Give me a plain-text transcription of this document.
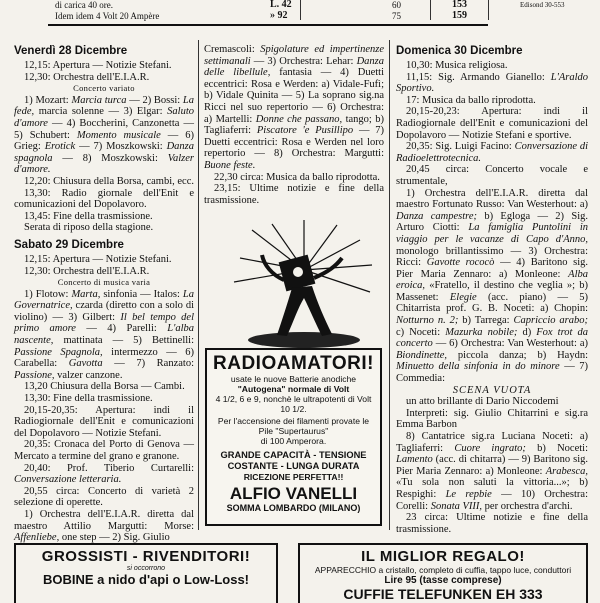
di carica 40 ore.	L. 42
Idem idem 4 Volt 20 Ampère	» 92
60
75
153
159
Edisond 30-553
Venerdì 28 Dicembre

12,15: Apertura — Notizie Stefani.

12,30: Orchestra dell'E.I.A.R.

Concerto variato

1) Mozart: Marcia turca — 2) Bossi: La fede, marcia solenne — 3) Elgar: Saluto d'amore — 4) Boccherini, Canzonetta — 5) Schubert: Momento musicale — 6) Grieg: Erotick — 7) Moszkowski: Danza spagnola — 8) Moszkowski: Valzer d'amore.

12,20: Chiusura della Borsa, cambi, ecc.

13,30: Radio giornale dell'Enit e comunicazioni del Dopolavoro.

13,45: Fine della trasmissione.

Serata di riposo della stagione.

Sabato 29 Dicembre

12,15: Apertura — Notizie Stefani.

12,30: Orchestra dell'E.I.A.R.

Concerto di musica varia

1) Flotow: Marta, sinfonia — Italos: La Governatrice, czarda (diretto con a solo di violino) — 3) Gilbert: Il bel tempo del primo amore — 4) Parelli: L'alba nascente, mattinata — 5) Bettinelli: Passione Spagnola, intermezzo — 6) Carabella: Gavotta — 7) Ranzato: Passione, valzer canzone.

13,20 Chiusura della Borsa — Cambi.

13,30: Fine della trasmissione.

20,15-20,35: Apertura: indi il Radiogiornale dell'Enit e comunicazioni del Dopolavoro — Notizie Stefani.

20,35: Cronaca del Porto di Genova — Mercato a termine del grano e granone.

20,40: Prof. Tiberio Curtarelli: Conversazione letteraria.

20,55 circa: Concerto di varietà 2 selezione di operette.

1) Orchestra dell'E.I.A.R. diretta dal maestro Attilio Margutti: Morse: Affenliebe, one step — 2) Sig. Giulio

Cremascoli: Spigolature ed impertinenze settimanali — 3) Orchestra: Lehar: Danza delle libellule, fantasia — 4) Duetti eccentrici: Rosa e Werden: a) Vidale-Fufì; b) Vidale Quinita — 5) La soprano sig.na Ricci nel suo repertorio — 6) Orchestra: a) Martelli: Donne che passano, tango; b) Tagliaferri: Piscatore 'e Pusillipo — 7) Duetti eccentrici: Rosa e Werden nel loro repertorio — 8) Orchestra: Margutti: Buone feste.

22,30 circa: Musica da ballo riprodotta.

23,15: Ultime notizie e fine della trasmissione.

RADIOAMATORI!
usate le nuove Batterie anodiche
"Autogena" normale di Volt
4 1/2, 6 e 9, nonchè le ultrapotenti di Volt 10 1/2.
Per l'accensione dei filamenti provate le Pile "Supertaurus"
di 100 Amperora.
GRANDE CAPACITÀ - TENSIONE
COSTANTE - LUNGA DURATA
RICEZIONE PERFETTA!!
ALFIO VANELLI
SOMMA LOMBARDO (MILANO)
Domenica 30 Dicembre

10,30: Musica religiosa.

11,15: Sig. Armando Gianello: L'Araldo Sportivo.

17: Musica da ballo riprodotta.

20,15-20,23: Apertura: indi il Radiogiornale dell'Enit e comunicazioni del Dopolavoro — Notizie Stefani e sportive.

20,35: Sig. Luigi Facino: Conversazione di Radioelettrotecnica.

20,45 circa: Concerto vocale e strumentale,

1) Orchestra dell'E.I.A.R. diretta dal maestro Fortunato Russo: Van Westerhout: a) Danza campestre; b) Egloga — 2) Sig. Arturo Ciotti: La famiglia Puntolini in viaggio per le vacanze di Capo d'Anno, monologo brillantissimo — 3) Orchestra: Ricci: Gavotte rococò — 4) Baritono sig. Pier Maria Zennaro: a) Monleone: Alba eroica, «Fratello, il destino che veglia »; b) Massenet: Elegie (acc. piano) — 5) Chitarrista prof. G. B. Noceti: a) Chopin: Notturno n. 2; b) Tarrega: Capriccio arabo; c) Noceti: Mazurka nobile; d) Fox trot da concerto — 6) Orchestra: Van Westerhout: a) Biondinette, piccola danza; b) Haydn: Minuetto della sinfonia in do minore — 7) Commedia:

SCENA VUOTA

un atto brillante di Dario Niccodemi

Interpreti: sig. Giulio Chitarrini e sig.ra Emma Barbon

8) Cantatrice sig.ra Luciana Noceti: a) Tagliaferri: Cuore ingrato; b) Noceti: Lamento (acc. di chitarra) — 9) Baritono sig. Pier Maria Zennaro: a) Monleone: Arabesca, «Tu sola non saluti la vittoria...»; b) Respighi: Le repbie — 10) Orchestra: Corelli: Sonata VIII, per orchestra d'archi.

23 circa: Ultime notizie e fine della trasmissione.

GROSSISTI - RIVENDITORI!
si occorrono
BOBINE a nido d'api o Low-Loss!
IL MIGLIOR REGALO!
APPARECCHIO a cristallo, completo di cuffia, tappo luce, conduttori
Lire 95 (tasse comprese)
CUFFIE TELEFUNKEN EH 333
